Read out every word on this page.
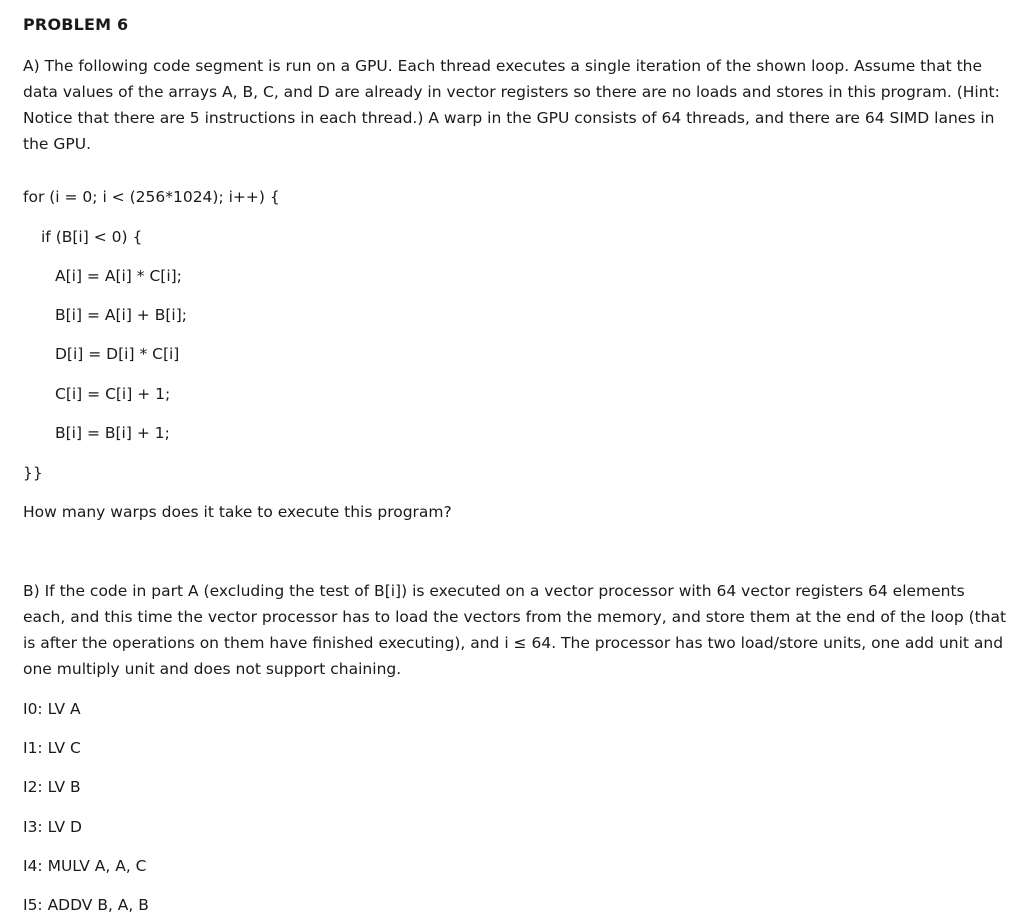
PROBLEM 6
A) The following code segment is run on a GPU. Each thread executes a single iteration of the shown loop. Assume that the data values of the arrays A, B, C, and D are already in vector registers so there are no loads and stores in this program. (Hint: Notice that there are 5 instructions in each thread.) A warp in the GPU consists of 64 threads, and there are 64 SIMD lanes in the GPU.
for (i = 0; i < (256*1024); i++) {
if (B[i] < 0) {
A[i] = A[i] * C[i];
B[i] = A[i] + B[i];
D[i] = D[i] * C[i]
C[i] = C[i] + 1;
B[i] = B[i] + 1;
}}
How many warps does it take to execute this program?
B) If the code in part A (excluding the test of B[i]) is executed on a vector processor with 64 vector registers 64 elements each, and this time the vector processor has to load the vectors from the memory, and store them at the end of the loop (that is after the operations on them have finished executing), and i ≤ 64. The processor has two load/store units, one add unit and one multiply unit and does not support chaining.
I0: LV A
I1: LV C
I2: LV B
I3: LV D
I4: MULV A, A, C
I5: ADDV B, A, B
